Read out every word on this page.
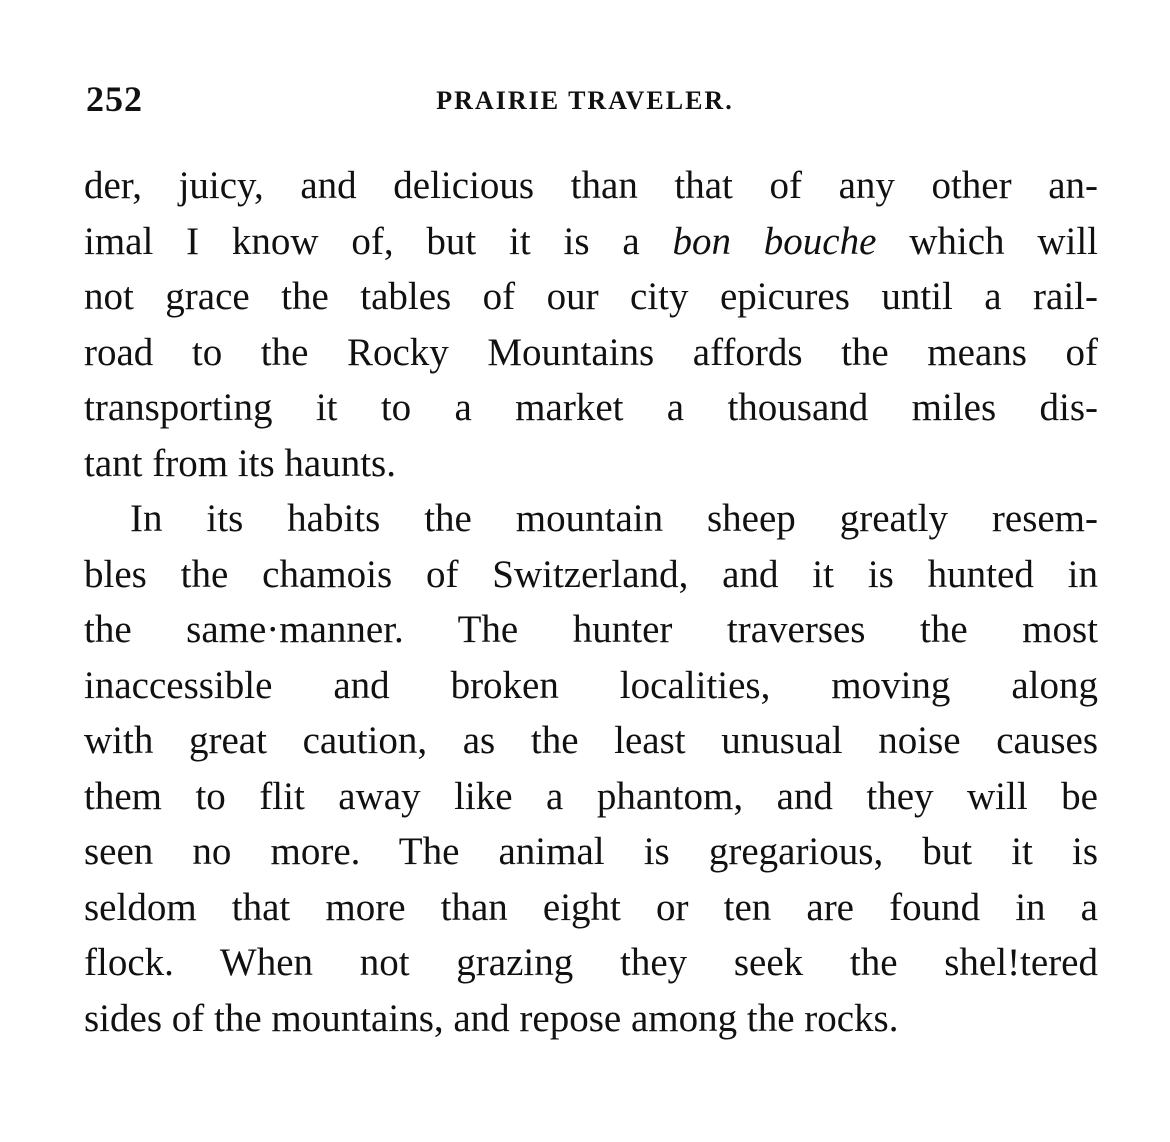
252	PRAIRIE TRAVELER.
der, juicy, and delicious than that of any other an-
imal I know of, but it is a bon bouche which will
not grace the tables of our city epicures until a rail-
road to the Rocky Mountains affords the means of
transporting it to a market a thousand miles dis-
tant from its haunts.
In its habits the mountain sheep greatly resem-
bles the chamois of Switzerland, and it is hunted in
the same·manner. The hunter traverses the most
inaccessible and broken localities, moving along
with great caution, as the least unusual noise causes
them to flit away like a phantom, and they will be
seen no more. The animal is gregarious, but it is
seldom that more than eight or ten are found in a
flock. When not grazing they seek the shel!tered
sides of the mountains, and repose among the rocks.
